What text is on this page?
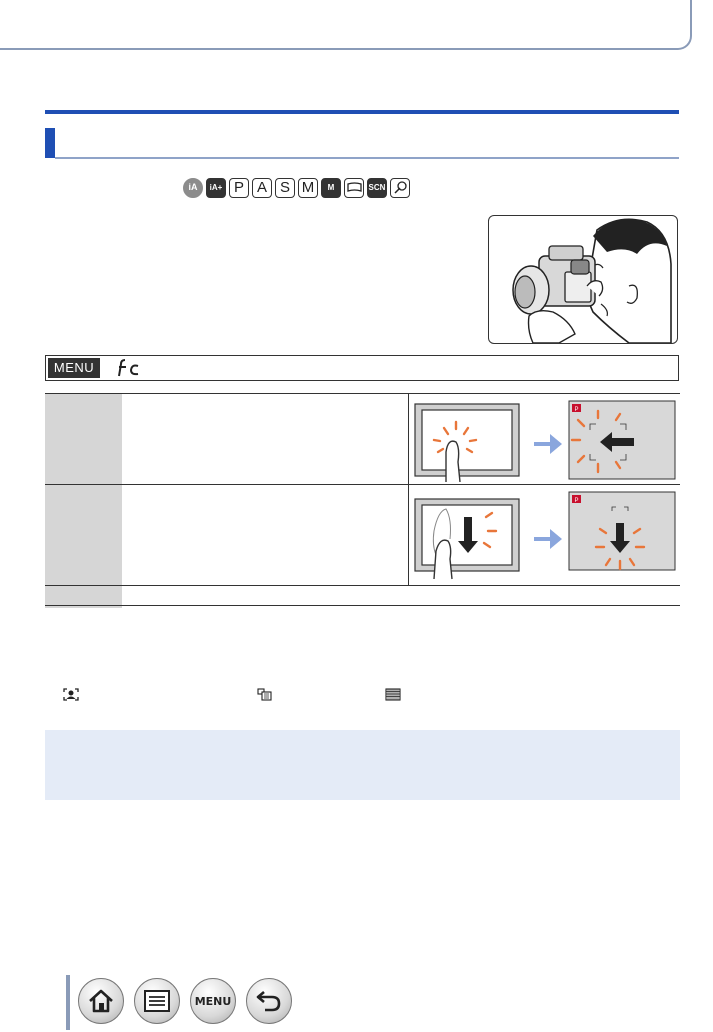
iA	iA+ P A S M	M	SCN
MENU
P
P
MENU
